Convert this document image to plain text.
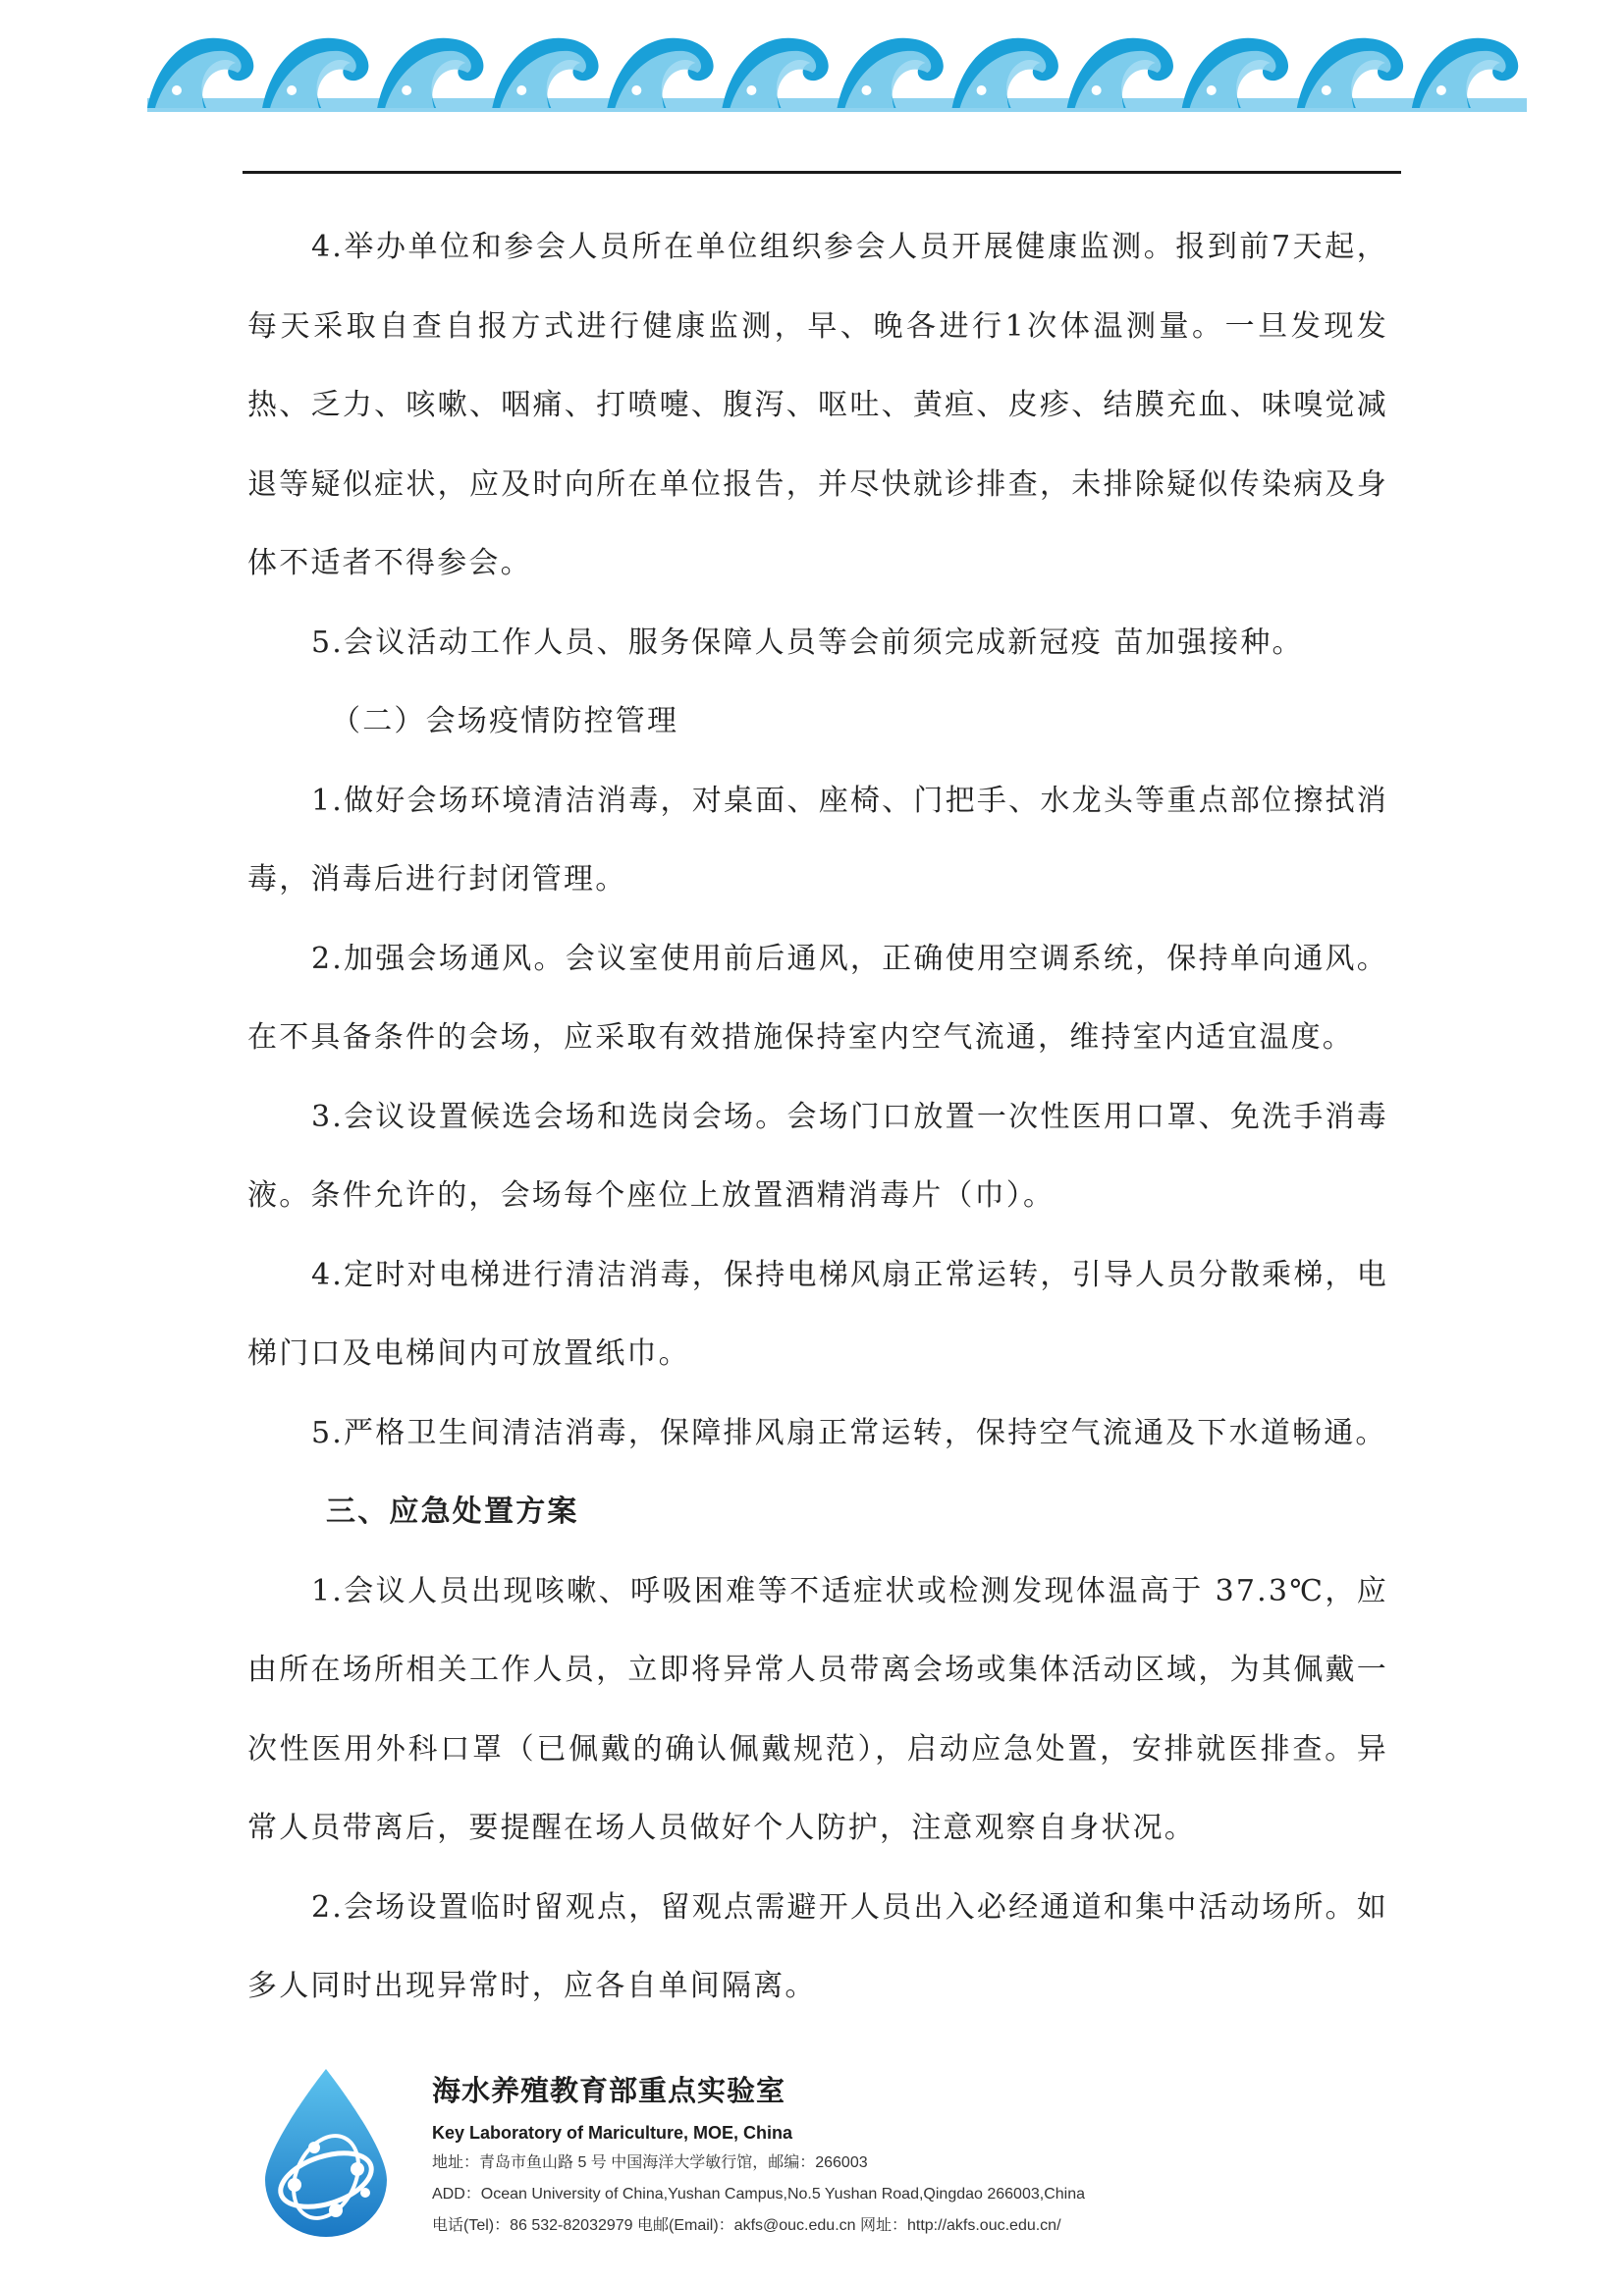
4.举办单位和参会人员所在单位组织参会人员开展健康监测。报到前7天起，每天采取自查自报方式进行健康监测，早、晚各进行1次体温测量。一旦发现发热、乏力、咳嗽、咽痛、打喷嚏、腹泻、呕吐、黄疸、皮疹、结膜充血、味嗅觉减退等疑似症状，应及时向所在单位报告，并尽快就诊排查，未排除疑似传染病及身体不适者不得参会。

5.会议活动工作人员、服务保障人员等会前须完成新冠疫 苗加强接种。

（二）会场疫情防控管理

1.做好会场环境清洁消毒，对桌面、座椅、门把手、水龙头等重点部位擦拭消毒，消毒后进行封闭管理。

2.加强会场通风。会议室使用前后通风，正确使用空调系统，保持单向通风。在不具备条件的会场，应采取有效措施保持室内空气流通，维持室内适宜温度。

3.会议设置候选会场和选岗会场。会场门口放置一次性医用口罩、免洗手消毒液。条件允许的，会场每个座位上放置酒精消毒片（巾）。

4.定时对电梯进行清洁消毒，保持电梯风扇正常运转，引导人员分散乘梯，电梯门口及电梯间内可放置纸巾。

5.严格卫生间清洁消毒，保障排风扇正常运转，保持空气流通及下水道畅通。

三、应急处置方案

1.会议人员出现咳嗽、呼吸困难等不适症状或检测发现体温高于 37.3℃，应由所在场所相关工作人员，立即将异常人员带离会场或集体活动区域，为其佩戴一次性医用外科口罩（已佩戴的确认佩戴规范），启动应急处置，安排就医排查。异常人员带离后，要提醒在场人员做好个人防护，注意观察自身状况。

2.会场设置临时留观点，留观点需避开人员出入必经通道和集中活动场所。如多人同时出现异常时，应各自单间隔离。

海水养殖教育部重点实验室

Key Laboratory of Mariculture, MOE, China

地址：青岛市鱼山路 5 号 中国海洋大学敏行馆，邮编：266003

ADD：Ocean University of China,Yushan Campus,No.5 Yushan Road,Qingdao 266003,China

电话(Tel)：86 532-82032979 电邮(Email)：akfs@ouc.edu.cn 网址：http://akfs.ouc.edu.cn/
